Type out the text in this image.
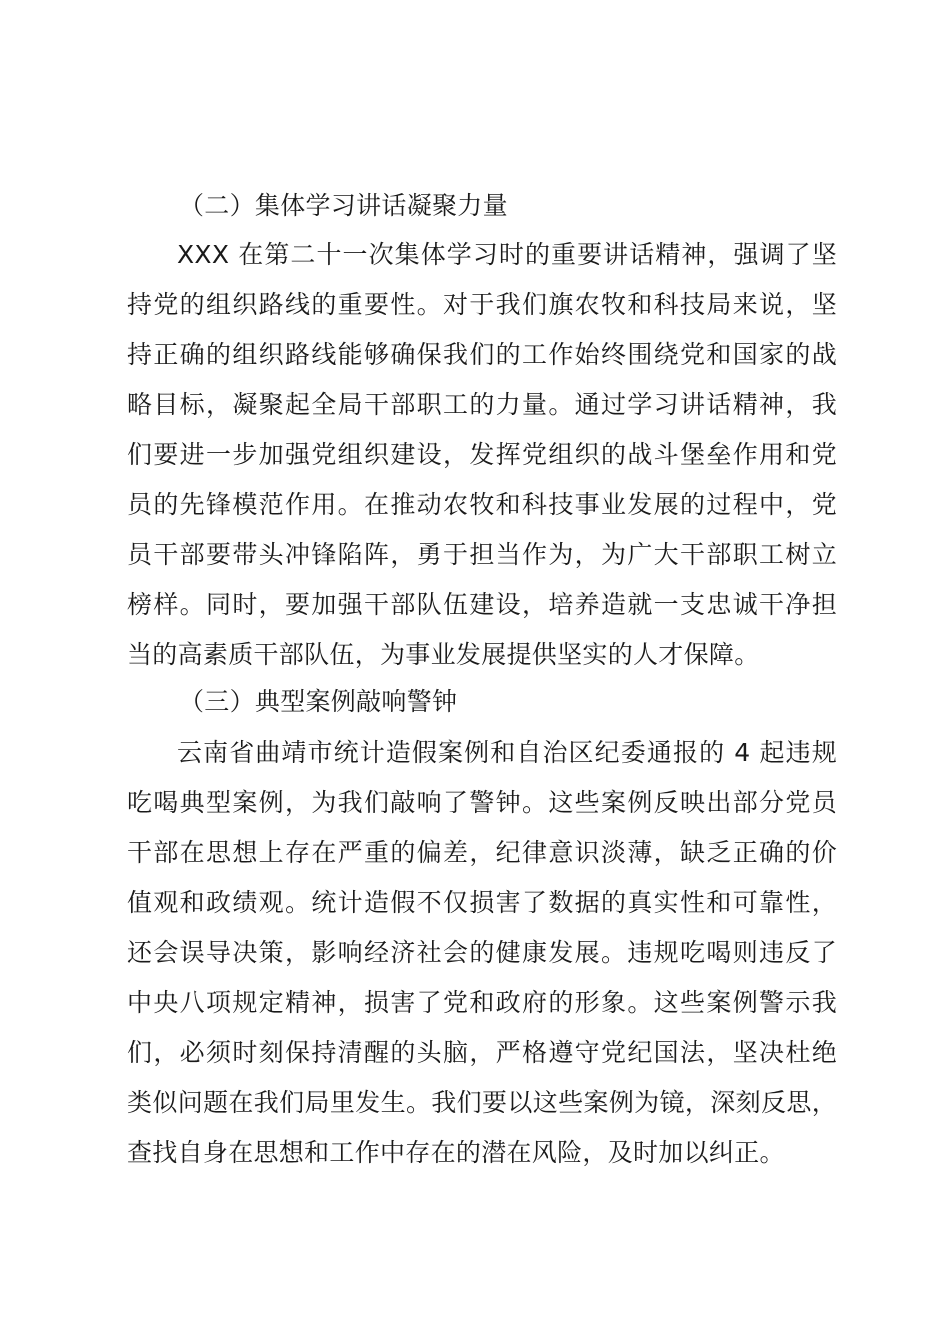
（二）集体学习讲话凝聚力量
XXX 在第二十一次集体学习时的重要讲话精神，强调了坚
持党的组织路线的重要性。对于我们旗农牧和科技局来说，坚
持正确的组织路线能够确保我们的工作始终围绕党和国家的战
略目标，凝聚起全局干部职工的力量。通过学习讲话精神，我
们要进一步加强党组织建设，发挥党组织的战斗堡垒作用和党
员的先锋模范作用。在推动农牧和科技事业发展的过程中，党
员干部要带头冲锋陷阵，勇于担当作为，为广大干部职工树立
榜样。同时，要加强干部队伍建设，培养造就一支忠诚干净担
当的高素质干部队伍，为事业发展提供坚实的人才保障。
（三）典型案例敲响警钟
云南省曲靖市统计造假案例和自治区纪委通报的 4 起违规
吃喝典型案例，为我们敲响了警钟。这些案例反映出部分党员
干部在思想上存在严重的偏差，纪律意识淡薄，缺乏正确的价
值观和政绩观。统计造假不仅损害了数据的真实性和可靠性，
还会误导决策，影响经济社会的健康发展。违规吃喝则违反了
中央八项规定精神，损害了党和政府的形象。这些案例警示我
们，必须时刻保持清醒的头脑，严格遵守党纪国法，坚决杜绝
类似问题在我们局里发生。我们要以这些案例为镜，深刻反思，
查找自身在思想和工作中存在的潜在风险，及时加以纠正。
